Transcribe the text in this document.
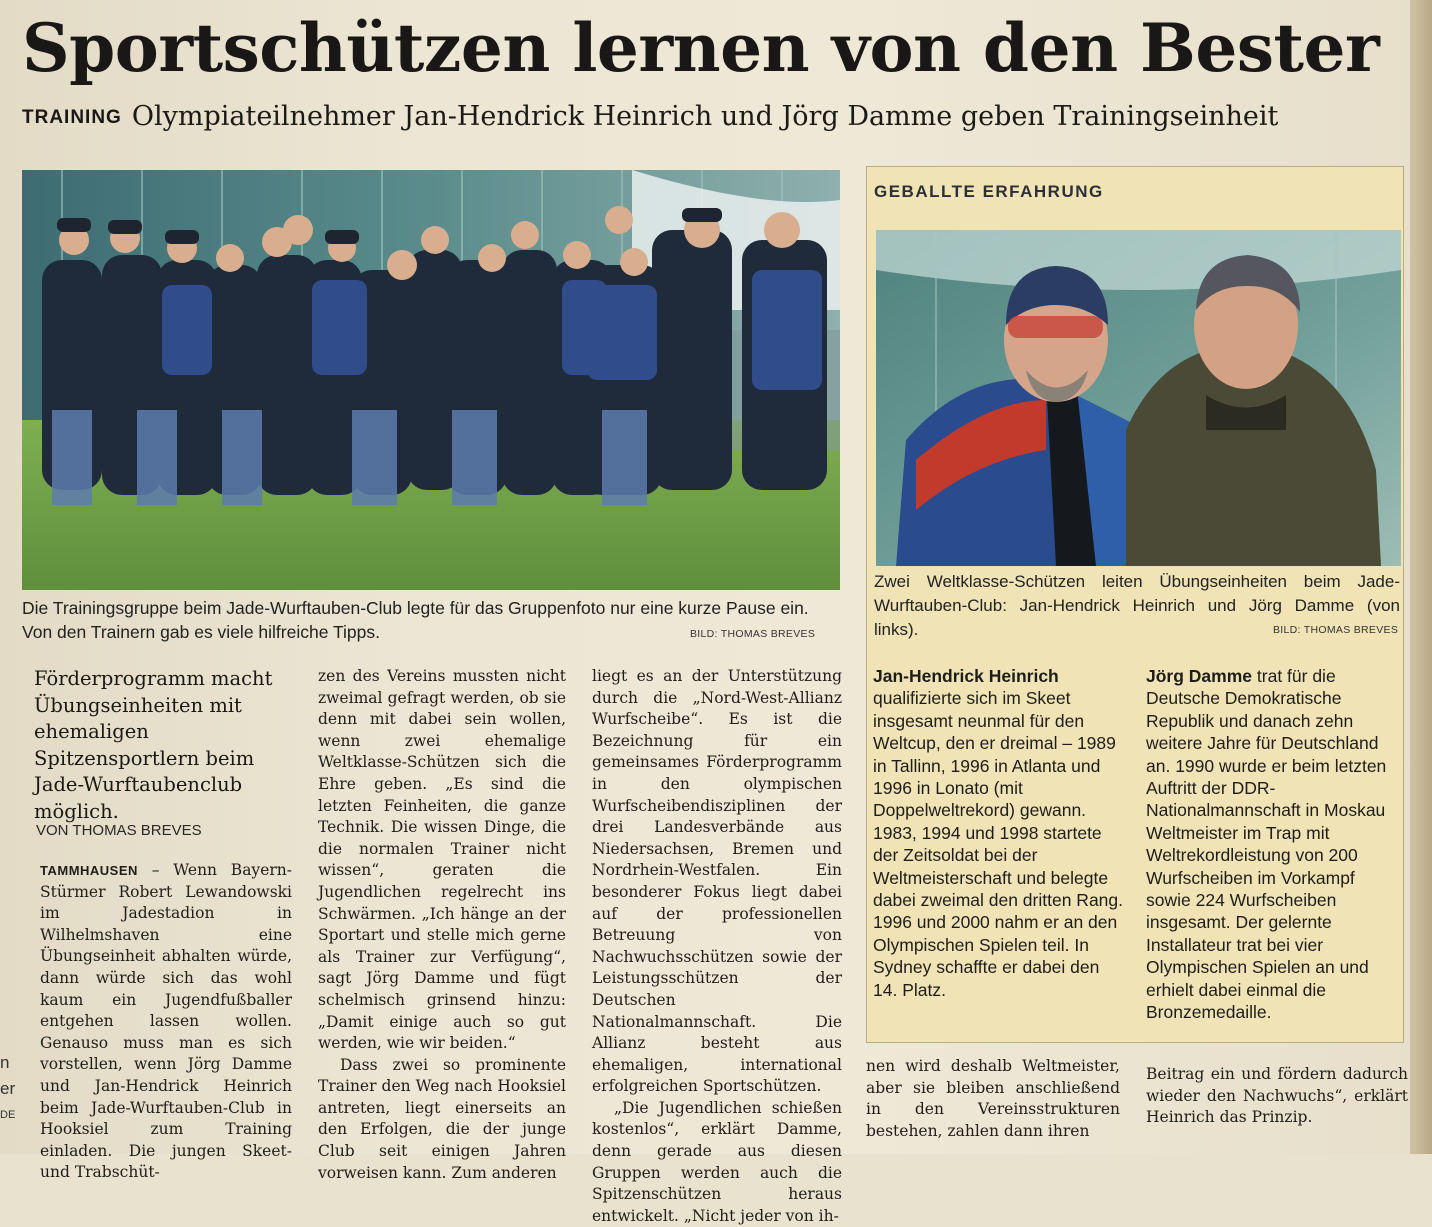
n
er
DE
Sportschützen lernen von den Bester
TRAINING Olympiateilnehmer Jan-Hendrick Heinrich und Jörg Damme geben Trainingseinheit
Die Trainingsgruppe beim Jade-Wurftauben-Club legte für das Gruppenfoto nur eine kurze Pause ein. Von den Trainern gab es viele hilfreiche Tipps.	BILD: THOMAS BREVES
GEBALLTE ERFAHRUNG
Zwei Weltklasse-Schützen leiten Übungseinheiten beim Jade-Wurftauben-Club: Jan-Hendrick Heinrich und Jörg Damme (von links).	BILD: THOMAS BREVES
Jan-Hendrick Heinrich qualifizierte sich im Skeet insgesamt neunmal für den Weltcup, den er dreimal – 1989 in Tallinn, 1996 in Atlanta und 1996 in Lonato (mit Doppelweltrekord) gewann. 1983, 1994 und 1998 startete der Zeitsoldat bei der Weltmeisterschaft und belegte dabei zweimal den dritten Rang. 1996 und 2000 nahm er an den Olympischen Spielen teil. In Sydney schaffte er dabei den 14. Platz.
Jörg Damme trat für die Deutsche Demokratische Republik und danach zehn weitere Jahre für Deutschland an. 1990 wurde er beim letzten Auftritt der DDR-Nationalmannschaft in Moskau Weltmeister im Trap mit Weltrekordleistung von 200 Wurfscheiben im Vorkampf sowie 224 Wurfscheiben insgesamt. Der gelernte Installateur trat bei vier Olympischen Spielen an und erhielt dabei einmal die Bronzemedaille.
Förderprogramm macht Übungseinheiten mit ehemaligen Spitzensportlern beim Jade-Wurftaubenclub möglich.
VON THOMAS BREVES
TAMMHAUSEN – Wenn Bayern-Stürmer Robert Lewandowski im Jadestadion in Wilhelmshaven eine Übungseinheit abhalten würde, dann würde sich das wohl kaum ein Jugendfußballer entgehen lassen wollen. Genauso muss man es sich vorstellen, wenn Jörg Damme und Jan-Hendrick Heinrich beim Jade-Wurftauben-Club in Hooksiel zum Training einladen. Die jungen Skeet- und Trabschüt-
zen des Vereins mussten nicht zweimal gefragt werden, ob sie denn mit dabei sein wollen, wenn zwei ehemalige Weltklasse-Schützen sich die Ehre geben. „Es sind die letzten Feinheiten, die ganze Technik. Die wissen Dinge, die die normalen Trainer nicht wissen“, geraten die Jugendlichen regelrecht ins Schwärmen. „Ich hänge an der Sportart und stelle mich gerne als Trainer zur Verfügung“, sagt Jörg Damme und fügt schelmisch grinsend hinzu: „Damit einige auch so gut werden, wie wir beiden.“
Dass zwei so prominente Trainer den Weg nach Hooksiel antreten, liegt einerseits an den Erfolgen, die der junge Club seit einigen Jahren vorweisen kann. Zum anderen
liegt es an der Unterstützung durch die „Nord-West-Allianz Wurfscheibe“. Es ist die Bezeichnung für ein gemeinsames Förderprogramm in den olympischen Wurfscheibendisziplinen der drei Landesverbände aus Niedersachsen, Bremen und Nordrhein-Westfalen. Ein besonderer Fokus liegt dabei auf der professionellen Betreuung von Nachwuchsschützen sowie der Leistungsschützen der Deutschen Nationalmannschaft. Die Allianz besteht aus ehemaligen, international erfolgreichen Sportschützen.
„Die Jugendlichen schießen kostenlos“, erklärt Damme, denn gerade aus diesen Gruppen werden auch die Spitzenschützen heraus entwickelt. „Nicht jeder von ih-
nen wird deshalb Weltmeister, aber sie bleiben anschließend in den Vereinsstrukturen bestehen, zahlen dann ihren
Beitrag ein und fördern dadurch wieder den Nachwuchs“, erklärt Heinrich das Prinzip.
